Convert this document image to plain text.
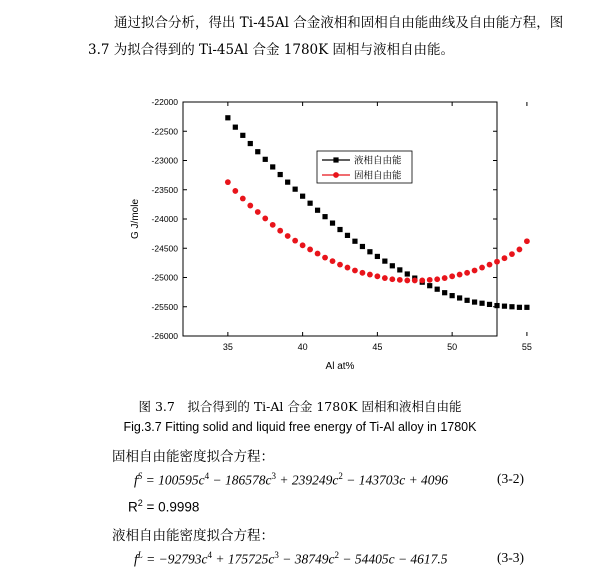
通过拟合分析，得出 Ti-45Al 合金液相和固相自由能曲线及自由能方程，图
3.7 为拟合得到的 Ti-45Al 合金 1780K 固相与液相自由能。
-22000
-22500
-23000
-23500
-24000
-24500
-25000
-25500
-26000
35	40	45	50	55
Al at%
G J/mole
液相自由能
固相自由能
图 3.7　拟合得到的 Ti-Al 合金 1780K 固相和液相自由能
Fig.3.7 Fitting solid and liquid free energy of Ti-Al alloy in 1780K
固相自由能密度拟合方程：
$f^S = 100595c^4 - 186578c^3 + 239249c^2 - 143703c + 4096$	(3-2)
$R^2 = 0.9998$
液相自由能密度拟合方程：
$f^L = -92793c^4 + 175725c^3 - 38749c^2 - 54405c - 4617.5$	(3-3)
